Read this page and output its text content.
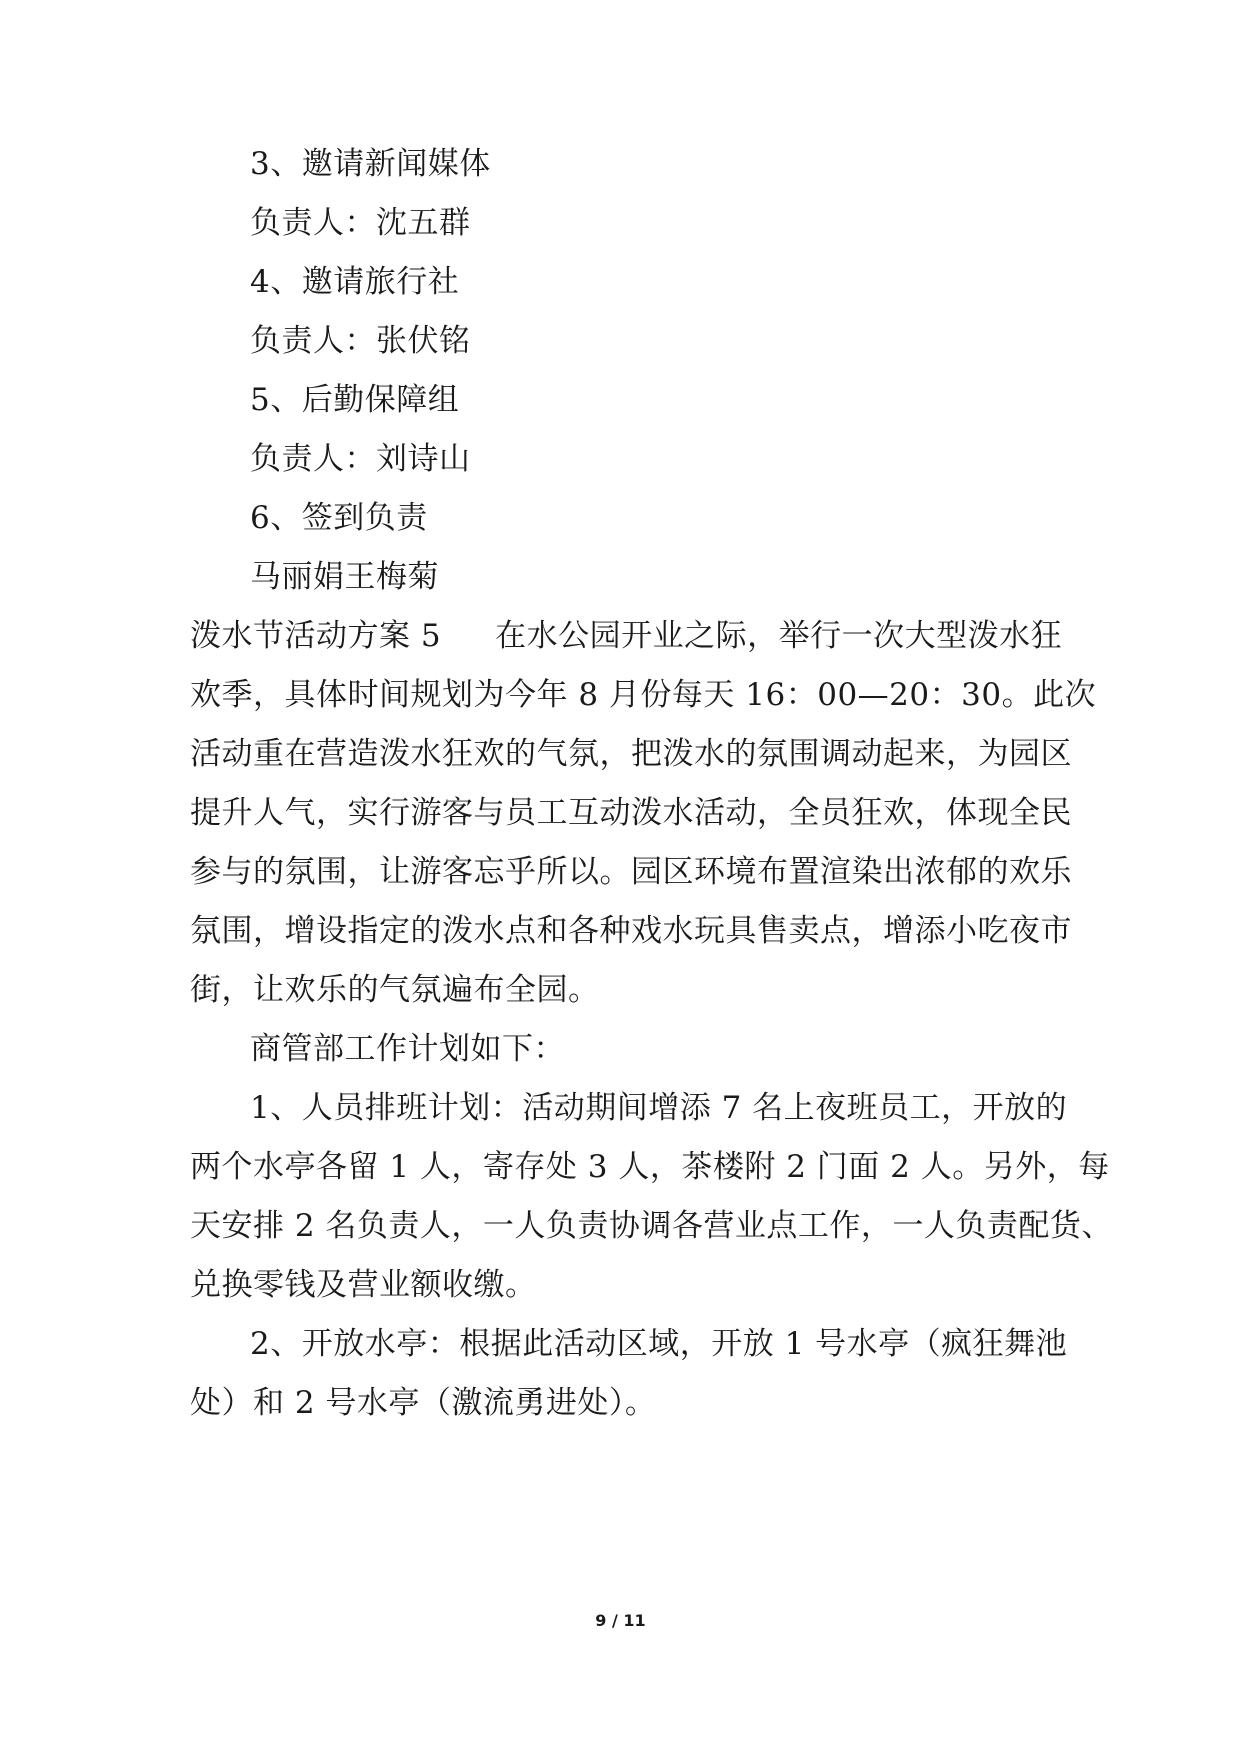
3、邀请新闻媒体
负责人：沈五群
4、邀请旅行社
负责人：张伏铭
5、后勤保障组
负责人：刘诗山
6、签到负责
马丽娟王梅菊
泼水节活动方案 5 在水公园开业之际，举行一次大型泼水狂
欢季，具体时间规划为今年 8 月份每天 16：00—20：30。此次
活动重在营造泼水狂欢的气氛，把泼水的氛围调动起来，为园区
提升人气，实行游客与员工互动泼水活动，全员狂欢，体现全民
参与的氛围，让游客忘乎所以。园区环境布置渲染出浓郁的欢乐
氛围，增设指定的泼水点和各种戏水玩具售卖点，增添小吃夜市
街，让欢乐的气氛遍布全园。
商管部工作计划如下：
1、人员排班计划：活动期间增添 7 名上夜班员工，开放的
两个水亭各留 1 人，寄存处 3 人，茶楼附 2 门面 2 人。另外，每
天安排 2 名负责人，一人负责协调各营业点工作，一人负责配货、
兑换零钱及营业额收缴。
2、开放水亭：根据此活动区域，开放 1 号水亭（疯狂舞池
处）和 2 号水亭（激流勇进处）。
9 / 11
